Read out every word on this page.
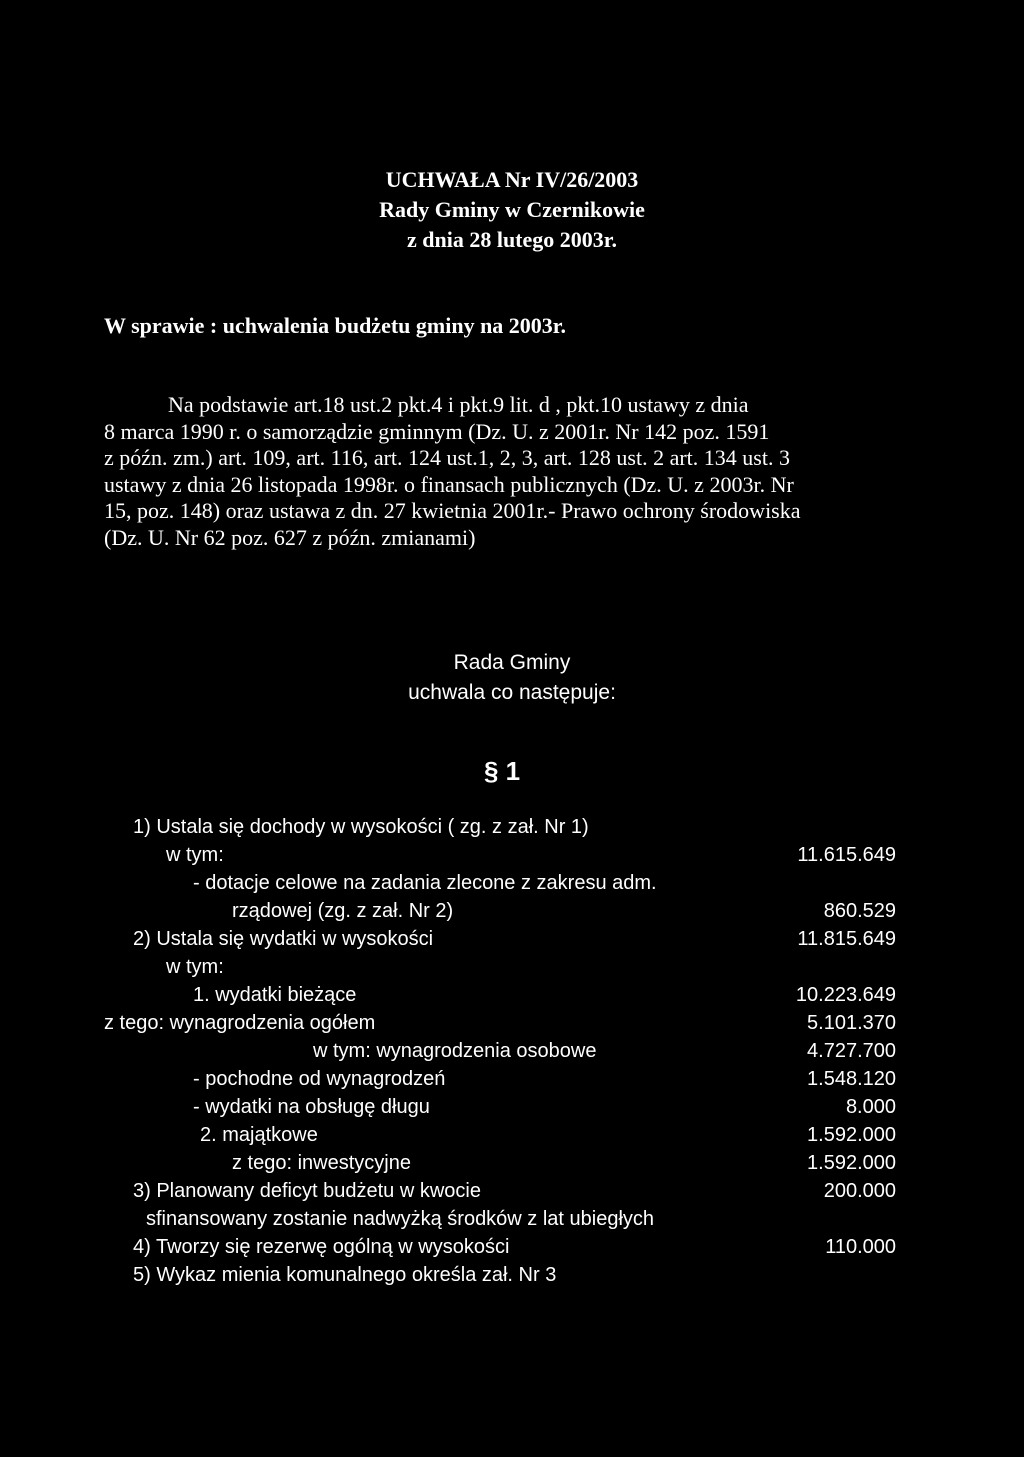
UCHWAŁA Nr IV/26/2003
Rady Gminy w Czernikowie
z dnia 28 lutego 2003r.
W sprawie : uchwalenia budżetu gminy na 2003r.
Na podstawie art.18 ust.2 pkt.4 i pkt.9 lit. d , pkt.10 ustawy z dnia
8 marca 1990 r. o samorządzie gminnym (Dz. U. z 2001r. Nr 142 poz. 1591
z późn. zm.) art. 109, art. 116, art. 124 ust.1, 2, 3, art. 128 ust. 2 art. 134 ust. 3
ustawy z dnia 26 listopada 1998r. o finansach publicznych (Dz. U. z 2003r. Nr
15, poz. 148) oraz ustawa z dn. 27 kwietnia 2001r.- Prawo ochrony środowiska
(Dz. U. Nr 62 poz. 627 z późn. zmianami)
Rada Gminy
uchwala co następuje:
§ 1
1) Ustala się dochody w wysokości ( zg. z zał. Nr 1)
w tym:	11.615.649
- dotacje celowe na zadania zlecone z zakresu adm.
rządowej (zg. z zał. Nr 2)	860.529
2) Ustala się wydatki w wysokości	11.815.649
w tym:
1. wydatki bieżące	10.223.649
z tego: wynagrodzenia ogółem	5.101.370
w tym: wynagrodzenia osobowe	4.727.700
- pochodne od wynagrodzeń	1.548.120
- wydatki na obsługę długu	8.000
2. majątkowe	1.592.000
z tego: inwestycyjne	1.592.000
3) Planowany deficyt budżetu w kwocie	200.000
sfinansowany zostanie nadwyżką środków z lat ubiegłych
4) Tworzy się rezerwę ogólną w wysokości	110.000
5) Wykaz mienia komunalnego określa zał. Nr 3
